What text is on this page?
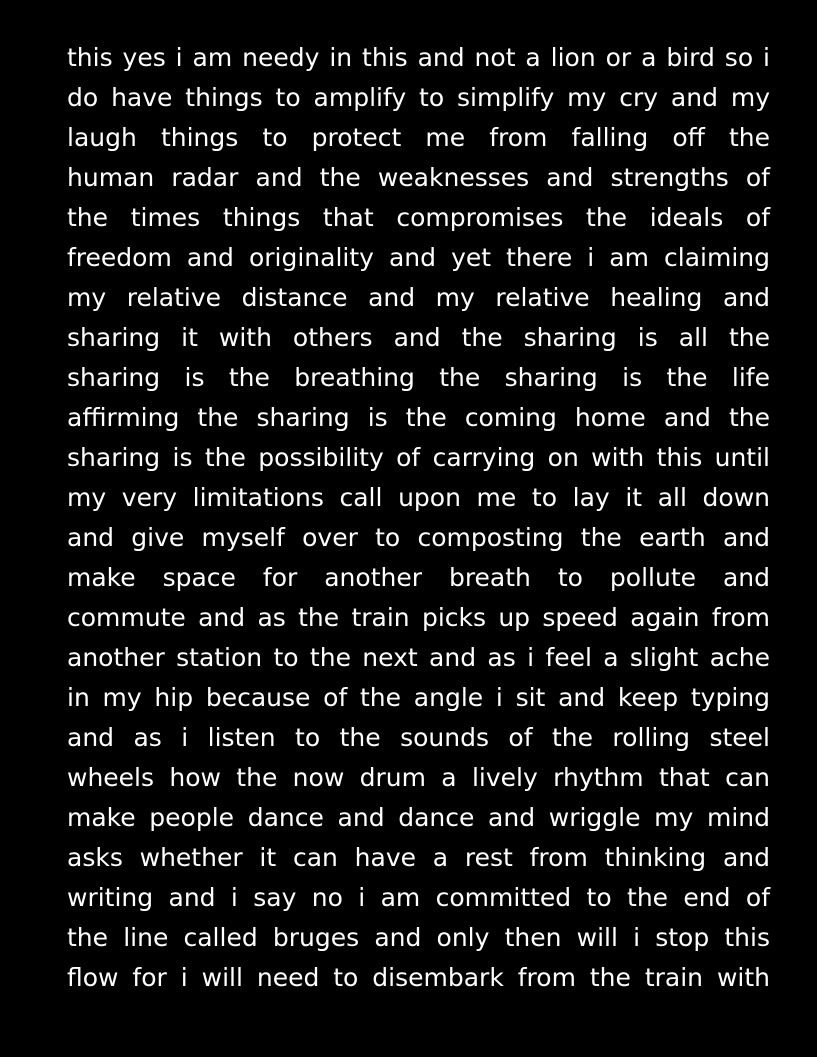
this yes i am needy in this and not a lion or a bird so i
do have things to amplify to simplify my cry and my
laugh things to protect me from falling off the
human radar and the weaknesses and strengths of
the times things that compromises the ideals of
freedom and originality and yet there i am claiming
my relative distance and my relative healing and
sharing it with others and the sharing is all the
sharing is the breathing the sharing is the life
affirming the sharing is the coming home and the
sharing is the possibility of carrying on with this until
my very limitations call upon me to lay it all down
and give myself over to composting the earth and
make space for another breath to pollute and
commute and as the train picks up speed again from
another station to the next and as i feel a slight ache
in my hip because of the angle i sit and keep typing
and as i listen to the sounds of the rolling steel
wheels how the now drum a lively rhythm that can
make people dance and dance and wriggle my mind
asks whether it can have a rest from thinking and
writing and i say no i am committed to the end of
the line called bruges and only then will i stop this
flow for i will need to disembark from the train with
